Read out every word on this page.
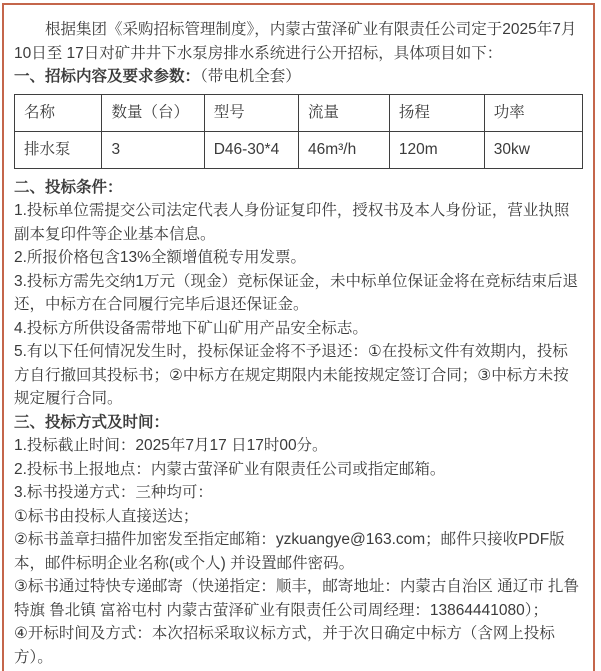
根据集团《采购招标管理制度》，内蒙古萤泽矿业有限责任公司定于2025年7月10日至 17日对矿井井下水泵房排水系统进行公开招标，具体项目如下：

一、招标内容及要求参数：（带电机全套）

名称	数量（台）	型号	流量	扬程	功率
排水泵	3	D46-30*4	46m³/h	120m	30kw

二、投标条件：

1.投标单位需提交公司法定代表人身份证复印件，授权书及本人身份证，营业执照副本复印件等企业基本信息。

2.所报价格包含13%全额增值税专用发票。

3.投标方需先交纳1万元（现金）竞标保证金，未中标单位保证金将在竞标结束后退还，中标方在合同履行完毕后退还保证金。

4.投标方所供设备需带地下矿山矿用产品安全标志。

5.有以下任何情况发生时，投标保证金将不予退还：①在投标文件有效期内，投标方自行撤回其投标书；②中标方在规定期限内未能按规定签订合同；③中标方未按规定履行合同。

三、投标方式及时间：

1.投标截止时间：2025年7月17 日17时00分。

2.投标书上报地点：内蒙古萤泽矿业有限责任公司或指定邮箱。

3.标书投递方式：三种均可：

①标书由投标人直接送达；

②标书盖章扫描件加密发至指定邮箱：yzkuangye@163.com；邮件只接收PDF版本，邮件标明企业名称(或个人) 并设置邮件密码。

③标书通过特快专递邮寄（快递指定：顺丰，邮寄地址：内蒙古自治区 通辽市 扎鲁特旗 鲁北镇 富裕屯村 内蒙古萤泽矿业有限责任公司周经理：13864441080）；

④开标时间及方式：本次招标采取议标方式，并于次日确定中标方（含网上投标方）。
